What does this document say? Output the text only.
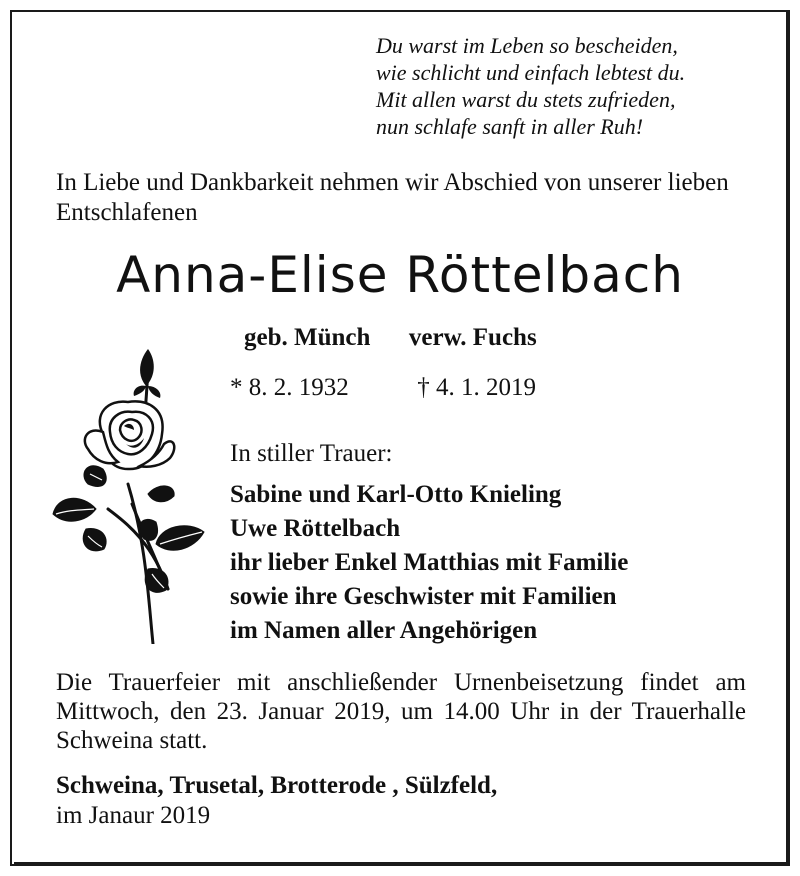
Du warst im Leben so bescheiden,
wie schlicht und einfach lebtest du.
Mit allen warst du stets zufrieden,
nun schlafe sanft in aller Ruh!
In Liebe und Dankbarkeit nehmen wir Abschied von unserer lieben Entschlafenen
Anna-Elise Röttelbach
geb. Münch verw. Fuchs
* 8. 2. 1932	† 4. 1. 2019
In stiller Trauer:
Sabine und Karl-Otto Knieling
Uwe Röttelbach
ihr lieber Enkel Matthias mit Familie
sowie ihre Geschwister mit Familien
im Namen aller Angehörigen
Die Trauerfeier mit anschließender Urnenbeisetzung findet am Mittwoch, den 23. Januar 2019, um 14.00 Uhr in der Trauerhalle Schweina statt.
Schweina, Trusetal, Brotterode , Sülzfeld,
im Janaur 2019
